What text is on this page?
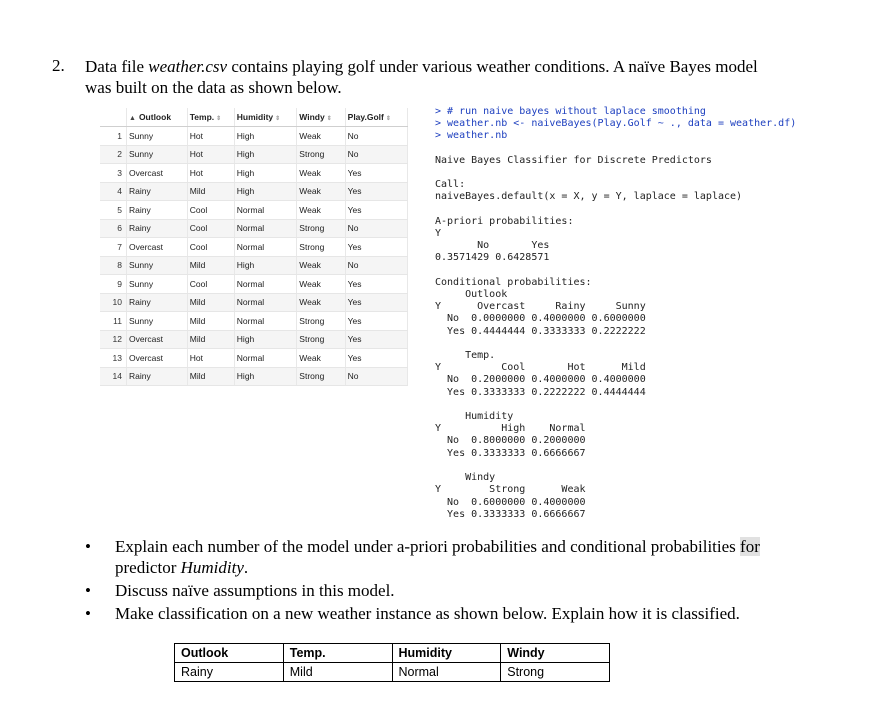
2. Data file weather.csv contains playing golf under various weather conditions. A naïve Bayes model
was built on the data as shown below.
	▲ Outlook	Temp. ⇕	Humidity ⇕	Windy ⇕	Play.Golf ⇕
1	Sunny	Hot	High	Weak	No
2	Sunny	Hot	High	Strong	No
3	Overcast	Hot	High	Weak	Yes
4	Rainy	Mild	High	Weak	Yes
5	Rainy	Cool	Normal	Weak	Yes
6	Rainy	Cool	Normal	Strong	No
7	Overcast	Cool	Normal	Strong	Yes
8	Sunny	Mild	High	Weak	No
9	Sunny	Cool	Normal	Weak	Yes
10	Rainy	Mild	Normal	Weak	Yes
11	Sunny	Mild	Normal	Strong	Yes
12	Overcast	Mild	High	Strong	Yes
13	Overcast	Hot	Normal	Weak	Yes
14	Rainy	Mild	High	Strong	No
> # run naive bayes without laplace smoothing
> weather.nb <- naiveBayes(Play.Golf ~ ., data = weather.df)
> weather.nb

Naive Bayes Classifier for Discrete Predictors

Call:
naiveBayes.default(x = X, y = Y, laplace = laplace)

A-priori probabilities:
Y
No       Yes
0.3571429 0.6428571

Conditional probabilities:
Outlook
Y      Overcast     Rainy     Sunny
No  0.0000000 0.4000000 0.6000000
Yes 0.4444444 0.3333333 0.2222222

Temp.
Y          Cool       Hot      Mild
No  0.2000000 0.4000000 0.4000000
Yes 0.3333333 0.2222222 0.4444444

Humidity
Y          High    Normal
No  0.8000000 0.2000000
Yes 0.3333333 0.6666667

Windy
Y        Strong      Weak
No  0.6000000 0.4000000
Yes 0.3333333 0.6666667
• Explain each number of the model under a-priori probabilities and conditional probabilities for
predictor Humidity.
• Discuss naïve assumptions in this model.
• Make classification on a new weather instance as shown below. Explain how it is classified.
Outlook	Temp.	Humidity	Windy
Rainy	Mild	Normal	Strong
